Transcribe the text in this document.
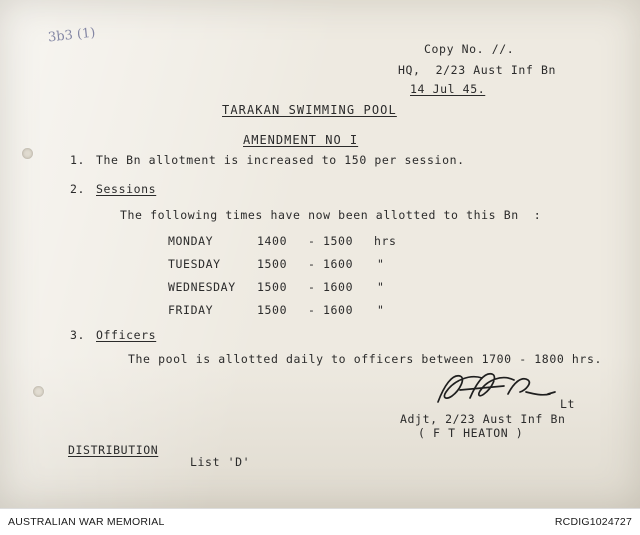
3b3 (1)
Copy No. //.
HQ,  2/23 Aust Inf Bn
14 Jul 45.
TARAKAN SWIMMING POOL
AMENDMENT NO I
1. The Bn allotment is increased to 150 per session.
2. Sessions
The following times have now been allotted to this Bn  :
MONDAY	1400 - 1500 hrs
TUESDAY	1500 - 1600 "
WEDNESDAY 1500 - 1600 "
FRIDAY	1500 - 1600 "
3. Officers
The pool is allotted daily to officers between 1700 - 1800 hrs.
Lt
Adjt, 2/23 Aust Inf Bn
( F T HEATON )
DISTRIBUTION
List 'D'
AUSTRALIAN WAR MEMORIAL	RCDIG1024727
